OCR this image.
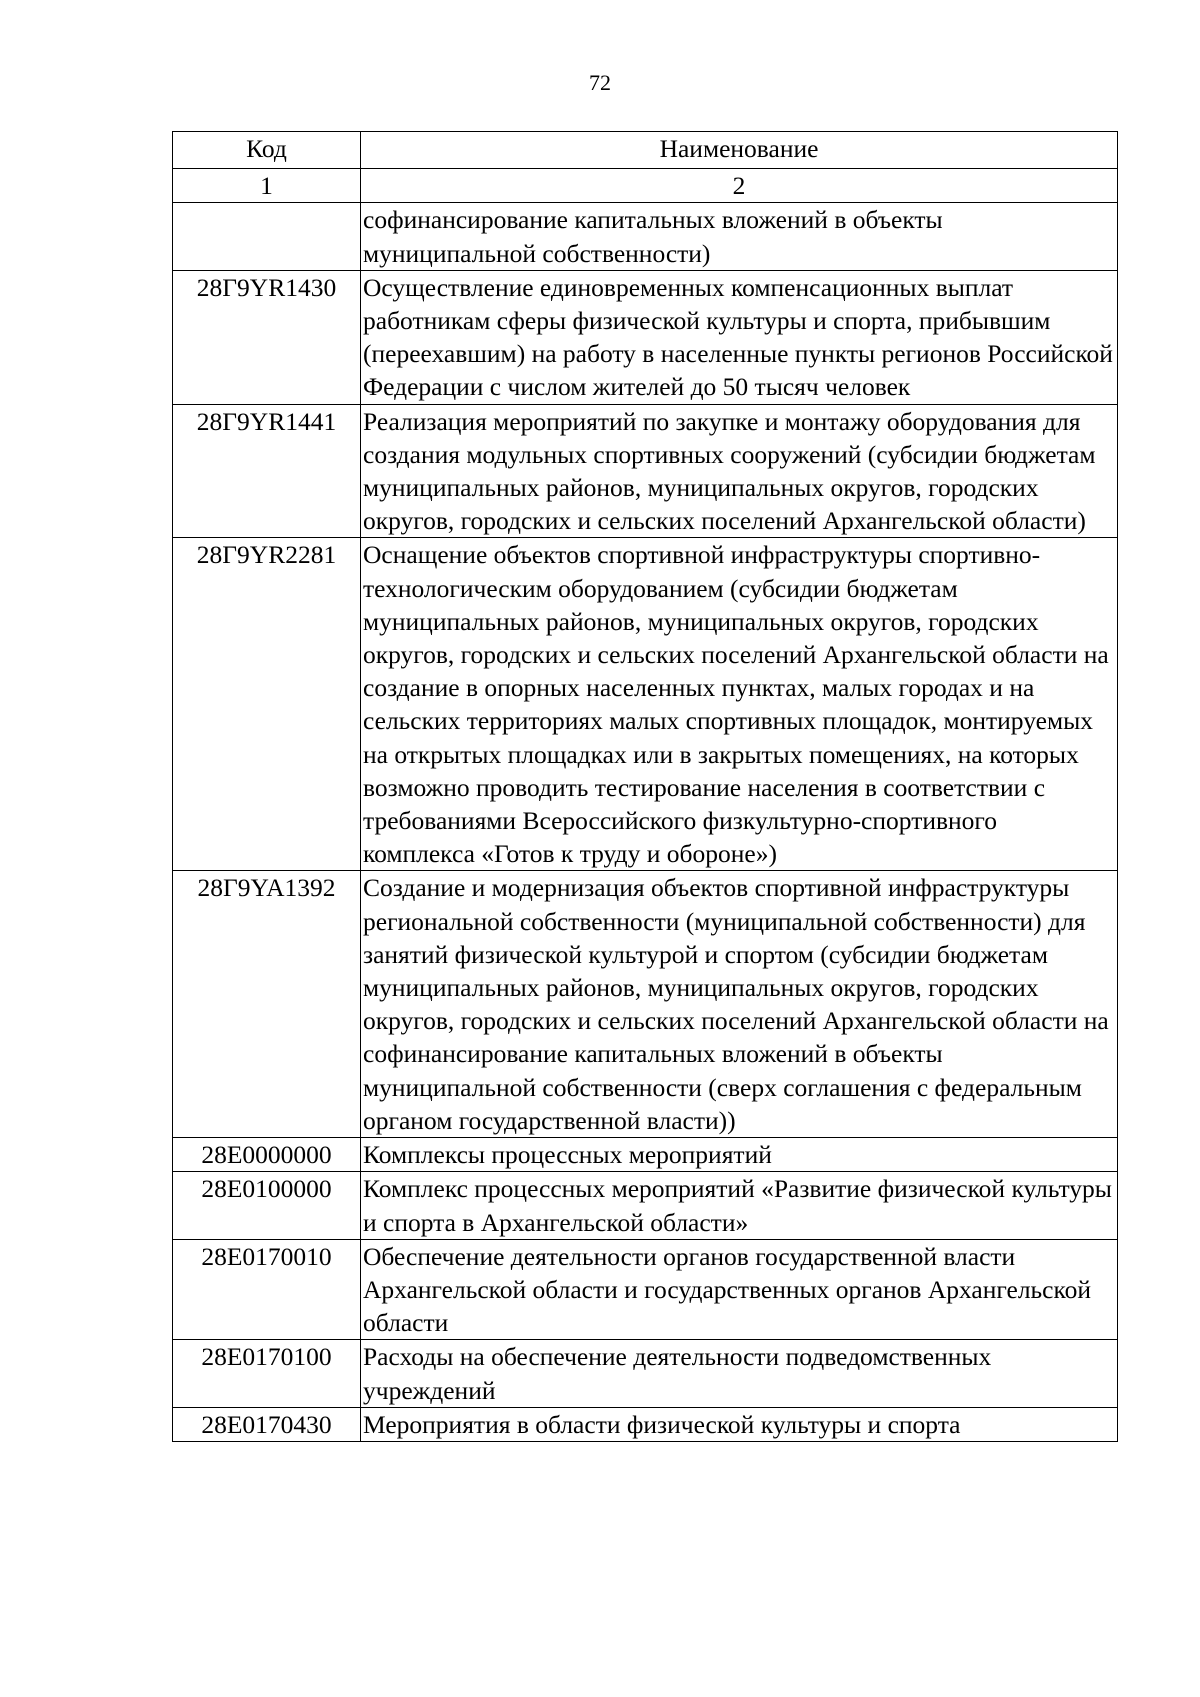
72
Код	Наименование
1	2
	софинансирование капитальных вложений в объекты муниципальной собственности)
28Г9YR1430	Осуществление единовременных компенсационных выплат работникам сферы физической культуры и спорта, прибывшим (переехавшим) на работу в населенные пункты регионов Российской Федерации с числом жителей до 50 тысяч человек
28Г9YR1441	Реализация мероприятий по закупке и монтажу оборудования для создания модульных спортивных сооружений (субсидии бюджетам муниципальных районов, муниципальных округов, городских округов, городских и сельских поселений Архангельской области)
28Г9YR2281	Оснащение объектов спортивной инфраструктуры спортивно-технологическим оборудованием (субсидии бюджетам муниципальных районов, муниципальных округов, городских округов, городских и сельских поселений Архангельской области на создание в опорных населенных пунктах, малых городах и на сельских территориях малых спортивных площадок, монтируемых на открытых площадках или в закрытых помещениях, на которых возможно проводить тестирование населения в соответствии с требованиями Всероссийского физкультурно-спортивного комплекса «Готов к труду и обороне»)
28Г9YA1392	Создание и модернизация объектов спортивной инфраструктуры региональной собственности (муниципальной собственности) для занятий физической культурой и спортом (субсидии бюджетам муниципальных районов, муниципальных округов, городских округов, городских и сельских поселений Архангельской области на софинансирование капитальных вложений в объекты муниципальной собственности (сверх соглашения с федеральным органом государственной власти))
28Е0000000	Комплексы процессных мероприятий
28Е0100000	Комплекс процессных мероприятий «Развитие физической культуры и спорта в Архангельской области»
28Е0170010	Обеспечение деятельности органов государственной власти Архангельской области и государственных органов Архангельской области
28Е0170100	Расходы на обеспечение деятельности подведомственных учреждений
28Е0170430	Мероприятия в области физической культуры и спорта
